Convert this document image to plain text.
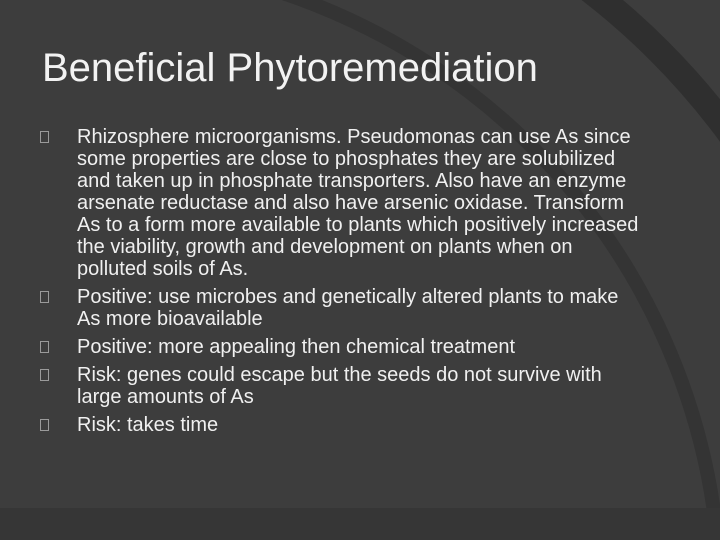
Beneficial Phytoremediation
Rhizosphere microorganisms. Pseudomonas can use As since some properties are close to phosphates they are solubilized and taken up in phosphate transporters. Also have an enzyme arsenate reductase and also have arsenic oxidase. Transform As to a form more available to plants which positively increased the viability, growth and development on plants when on polluted soils of As.
Positive: use microbes and genetically altered plants to make As more bioavailable
Positive: more appealing then chemical treatment
Risk: genes could escape but the seeds do not survive with large amounts of As
Risk: takes time
